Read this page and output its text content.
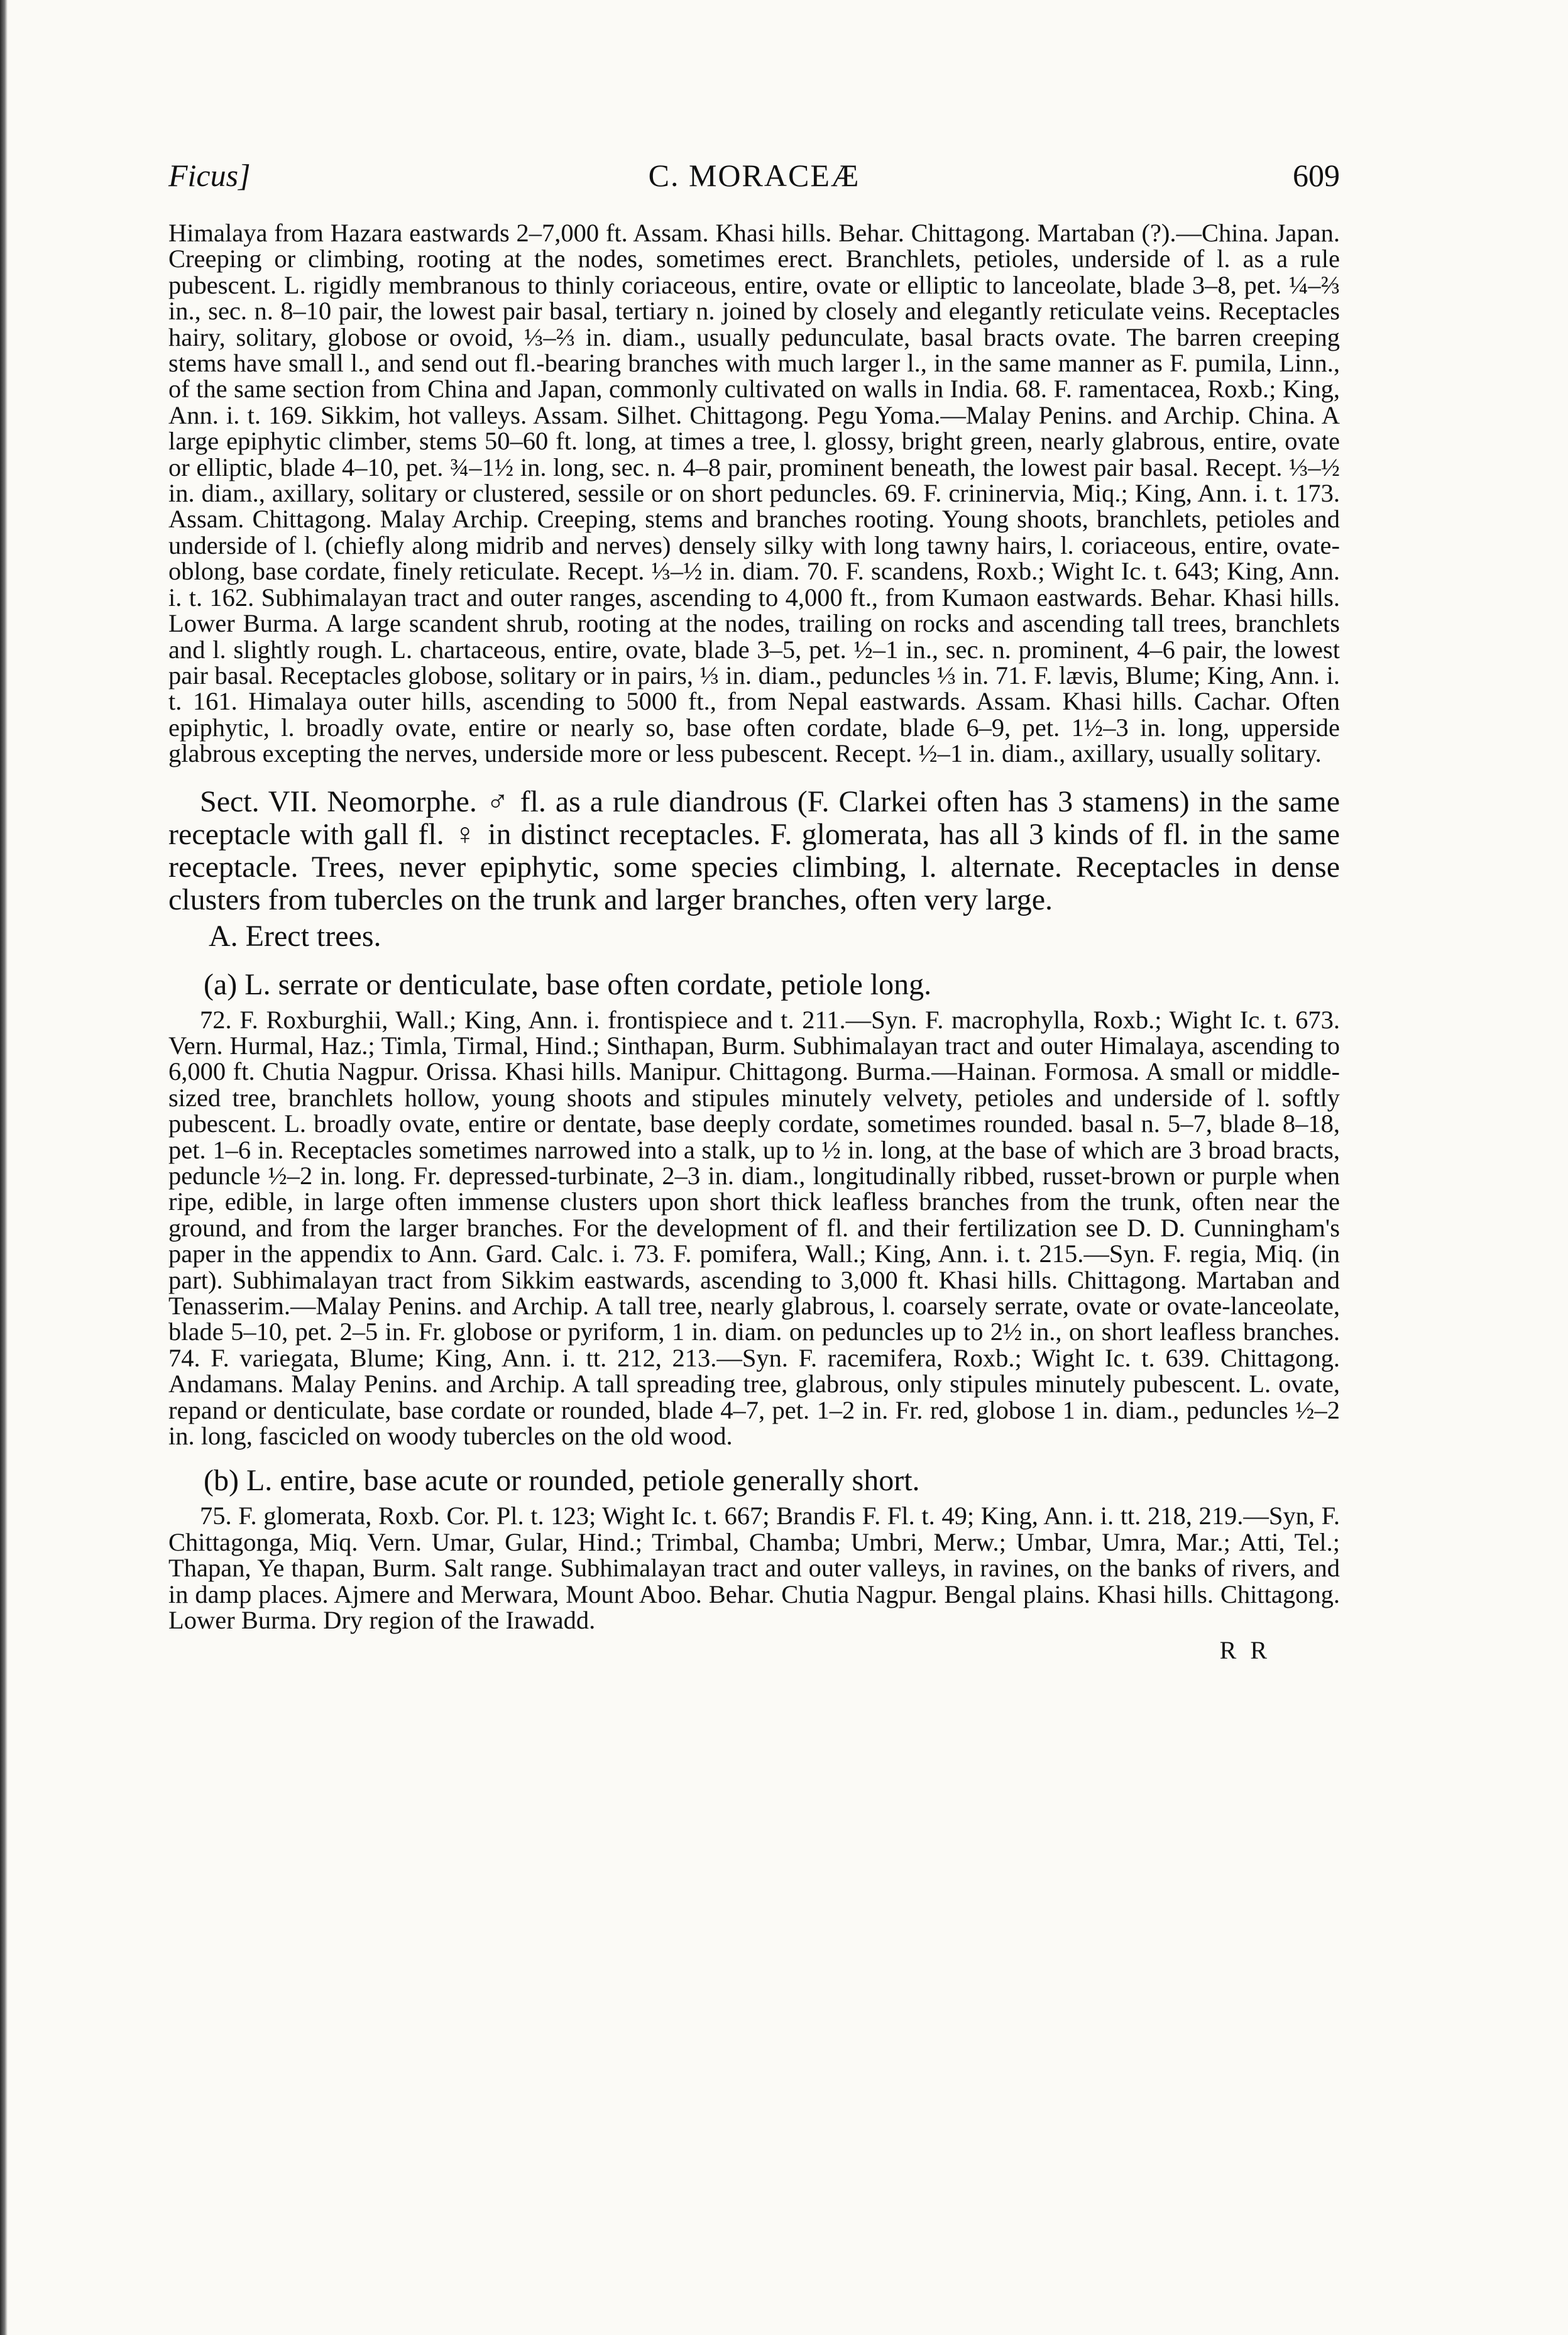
Ficus]	C. MORACEÆ	609

Himalaya from Hazara eastwards 2–7,000 ft. Assam. Khasi hills. Behar. Chittagong. Martaban (?).—China. Japan. Creeping or climbing, rooting at the nodes, sometimes erect. Branchlets, petioles, underside of l. as a rule pubescent. L. rigidly membranous to thinly coriaceous, entire, ovate or elliptic to lanceolate, blade 3–8, pet. ¼–⅔ in., sec. n. 8–10 pair, the lowest pair basal, tertiary n. joined by closely and elegantly reticulate veins. Receptacles hairy, solitary, globose or ovoid, ⅓–⅔ in. diam., usually pedunculate, basal bracts ovate. The barren creeping stems have small l., and send out fl.-bearing branches with much larger l., in the same manner as F. pumila, Linn., of the same section from China and Japan, commonly cultivated on walls in India. 68. F. ramentacea, Roxb.; King, Ann. i. t. 169. Sikkim, hot valleys. Assam. Silhet. Chittagong. Pegu Yoma.—Malay Penins. and Archip. China. A large epiphytic climber, stems 50–60 ft. long, at times a tree, l. glossy, bright green, nearly glabrous, entire, ovate or elliptic, blade 4–10, pet. ¾–1½ in. long, sec. n. 4–8 pair, prominent beneath, the lowest pair basal. Recept. ⅓–½ in. diam., axillary, solitary or clustered, sessile or on short peduncles. 69. F. crininervia, Miq.; King, Ann. i. t. 173. Assam. Chittagong. Malay Archip. Creeping, stems and branches rooting. Young shoots, branchlets, petioles and underside of l. (chiefly along midrib and nerves) densely silky with long tawny hairs, l. coriaceous, entire, ovate-oblong, base cordate, finely reticulate. Recept. ⅓–½ in. diam. 70. F. scandens, Roxb.; Wight Ic. t. 643; King, Ann. i. t. 162. Subhimalayan tract and outer ranges, ascending to 4,000 ft., from Kumaon eastwards. Behar. Khasi hills. Lower Burma. A large scandent shrub, rooting at the nodes, trailing on rocks and ascending tall trees, branchlets and l. slightly rough. L. chartaceous, entire, ovate, blade 3–5, pet. ½–1 in., sec. n. prominent, 4–6 pair, the lowest pair basal. Receptacles globose, solitary or in pairs, ⅓ in. diam., peduncles ⅓ in. 71. F. lævis, Blume; King, Ann. i. t. 161. Himalaya outer hills, ascending to 5000 ft., from Nepal eastwards. Assam. Khasi hills. Cachar. Often epiphytic, l. broadly ovate, entire or nearly so, base often cordate, blade 6–9, pet. 1½–3 in. long, upperside glabrous excepting the nerves, underside more or less pubescent. Recept. ½–1 in. diam., axillary, usually solitary.

Sect. VII. Neomorphe. ♂ fl. as a rule diandrous (F. Clarkei often has 3 stamens) in the same receptacle with gall fl. ♀ in distinct receptacles. F. glomerata, has all 3 kinds of fl. in the same receptacle. Trees, never epiphytic, some species climbing, l. alternate. Receptacles in dense clusters from tubercles on the trunk and larger branches, often very large.

A. Erect trees.
(a) L. serrate or denticulate, base often cordate, petiole long.

72. F. Roxburghii, Wall.; King, Ann. i. frontispiece and t. 211.—Syn. F. macrophylla, Roxb.; Wight Ic. t. 673. Vern. Hurmal, Haz.; Timla, Tirmal, Hind.; Sinthapan, Burm. Subhimalayan tract and outer Himalaya, ascending to 6,000 ft. Chutia Nagpur. Orissa. Khasi hills. Manipur. Chittagong. Burma.—Hainan. Formosa. A small or middle-sized tree, branchlets hollow, young shoots and stipules minutely velvety, petioles and underside of l. softly pubescent. L. broadly ovate, entire or dentate, base deeply cordate, sometimes rounded. basal n. 5–7, blade 8–18, pet. 1–6 in. Receptacles sometimes narrowed into a stalk, up to ½ in. long, at the base of which are 3 broad bracts, peduncle ½–2 in. long. Fr. depressed-turbinate, 2–3 in. diam., longitudinally ribbed, russet-brown or purple when ripe, edible, in large often immense clusters upon short thick leafless branches from the trunk, often near the ground, and from the larger branches. For the development of fl. and their fertilization see D. D. Cunningham's paper in the appendix to Ann. Gard. Calc. i. 73. F. pomifera, Wall.; King, Ann. i. t. 215.—Syn. F. regia, Miq. (in part). Subhimalayan tract from Sikkim eastwards, ascending to 3,000 ft. Khasi hills. Chittagong. Martaban and Tenasserim.—Malay Penins. and Archip. A tall tree, nearly glabrous, l. coarsely serrate, ovate or ovate-lanceolate, blade 5–10, pet. 2–5 in. Fr. globose or pyriform, 1 in. diam. on peduncles up to 2½ in., on short leafless branches. 74. F. variegata, Blume; King, Ann. i. tt. 212, 213.—Syn. F. racemifera, Roxb.; Wight Ic. t. 639. Chittagong. Andamans. Malay Penins. and Archip. A tall spreading tree, glabrous, only stipules minutely pubescent. L. ovate, repand or denticulate, base cordate or rounded, blade 4–7, pet. 1–2 in. Fr. red, globose 1 in. diam., peduncles ½–2 in. long, fascicled on woody tubercles on the old wood.

(b) L. entire, base acute or rounded, petiole generally short.

75. F. glomerata, Roxb. Cor. Pl. t. 123; Wight Ic. t. 667; Brandis F. Fl. t. 49; King, Ann. i. tt. 218, 219.—Syn, F. Chittagonga, Miq. Vern. Umar, Gular, Hind.; Trimbal, Chamba; Umbri, Merw.; Umbar, Umra, Mar.; Atti, Tel.; Thapan, Ye thapan, Burm. Salt range. Subhimalayan tract and outer valleys, in ravines, on the banks of rivers, and in damp places. Ajmere and Merwara, Mount Aboo. Behar. Chutia Nagpur. Bengal plains. Khasi hills. Chittagong. Lower Burma. Dry region of the Irawadd.

R R
